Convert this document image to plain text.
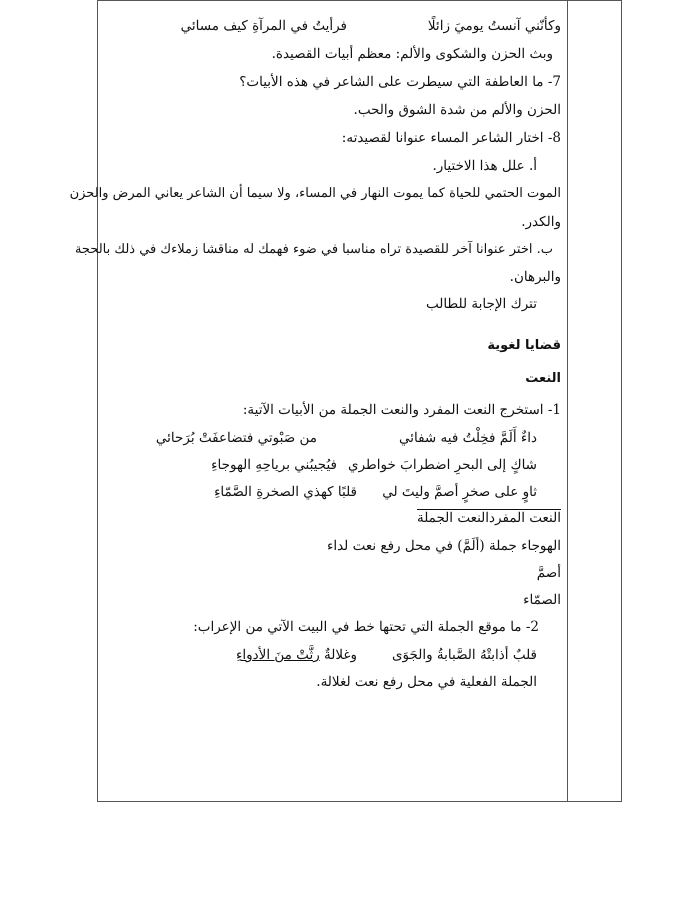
وكأنّني آنستُ يوميَ زائلًا
فرأيتُ في المرآةِ كيف مسائي
وبث الحزن والشكوى والألم: معظم أبيات القصيدة.
7- ما العاطفة التي سيطرت على الشاعر في هذه الأبيات؟
الحزن والألم من شدة الشوق والحب.
8- اختار الشاعر المساء عنوانا لقصيدته:
أ. علل هذا الاختيار.
الموت الحتمي للحياة كما يموت النهار في المساء، ولا سيما أن الشاعر يعاني المرض والحزن
والكدر.
ب. اختر عنوانا آخر للقصيدة تراه مناسبا في ضوء فهمك له مناقشا زملاءك في ذلك بالحجة
والبرهان.
تترك الإجابة للطالب
قضايا لغوية
النعت
1- استخرج النعت المفرد والنعت الجملة من الأبيات الآتية:
داءٌ أَلَمَّ فخِلْتُ فيه شفائي
من صَبْوتي فتضاعفَتْ بُرَحائي
شاكٍ إلى البحرِ اضطرابَ خواطري
فيُجيبُني برياحِهِ الهوجاءِ
ثاوٍ على صخرٍ أصمَّ وليتَ لي
قلبًا كهذي الصخرةِ الصَّمّاءِ
النعت المفردالنعت الجملة
الهوجاء جملة (ألَمَّ) في محل رفع نعت لداء
أصمَّ
الصمّاء
2- ما موقع الجملة التي تحتها خط في البيت الآتي من الإعراب:
قلبٌ أذابتْهُ الصَّبابةُ والجَوَى
وغلالةٌ رثَّتْ منَ الأدواءِ
الجملة الفعلية في محل رفع نعت لغلالة.
